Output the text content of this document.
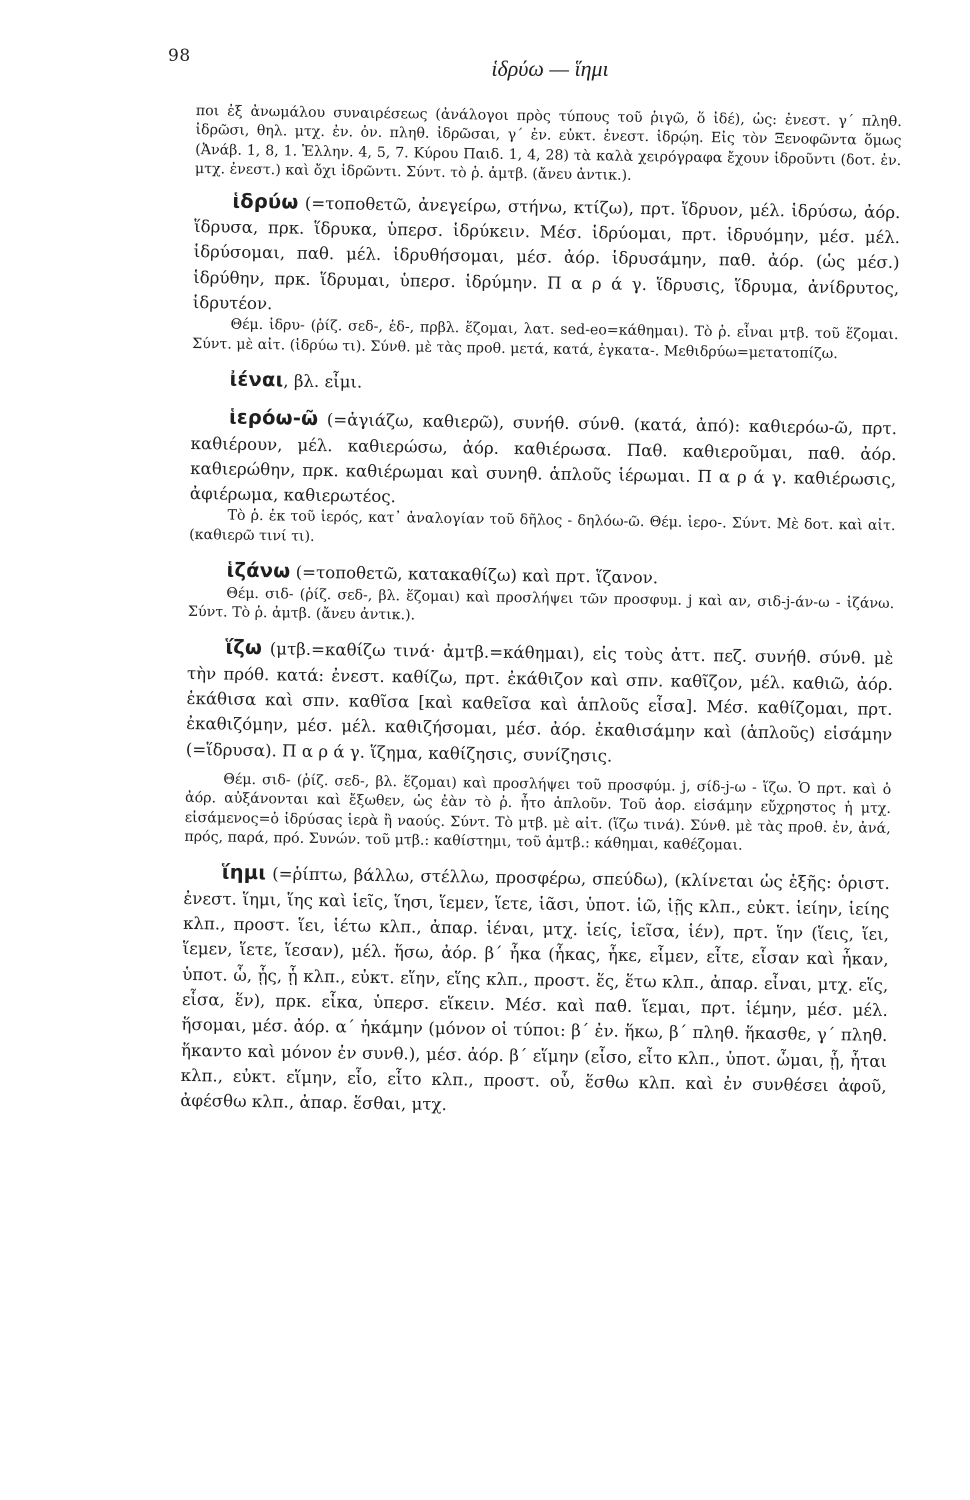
98	ἱδρύω — ἵημι

ποι ἐξ ἀνωμάλου συναιρέσεως (ἀνάλογοι πρὸς τύπους τοῦ ῥιγῶ, ὅ ἰδέ), ὡς: ἐνεστ. γ΄ πληθ. ἱδρῶσι, θηλ. μτχ. ἐν. ὀν. πληθ. ἱδρῶσαι, γ΄ ἐν. εὐκτ. ἐνεστ. ἱδρῴη. Εἰς τὸν Ξενοφῶντα ὅμως (Ἀνάβ. 1, 8, 1. Ἑλλην. 4, 5, 7. Κύρου Παιδ. 1, 4, 28) τὰ καλὰ χειρόγραφα ἔχουν ἱδροῦντι (δοτ. ἐν. μτχ. ἐνεστ.) καὶ ὄχι ἱδρῶντι. Σύντ. τὸ ῥ. ἀμτβ. (ἄνευ ἀντικ.).

ἱδρύω (=τοποθετῶ, ἀνεγείρω, στήνω, κτίζω), πρτ. ἵδρυον, μέλ. ἱδρύσω, ἀόρ. ἵδρυσα, πρκ. ἵδρυκα, ὑπερσ. ἱδρύκειν. Μέσ. ἱδρύομαι, πρτ. ἱδρυόμην, μέσ. μέλ. ἱδρύσομαι, παθ. μέλ. ἱδρυθήσομαι, μέσ. ἀόρ. ἱδρυσάμην, παθ. ἀόρ. (ὡς μέσ.) ἱδρύθην, πρκ. ἵδρυμαι, ὑπερσ. ἱδρύμην. Π α ρ ά γ. ἵδρυσις, ἵδρυμα, ἀνίδρυτος, ἱδρυτέον.

Θέμ. ἱδρυ- (ῥίζ. σεδ-, ἑδ-, πρβλ. ἕζομαι, λατ. sed-eo=κάθημαι). Τὸ ῥ. εἶναι μτβ. τοῦ ἕζομαι. Σύντ. μὲ αἰτ. (ἱδρύω τι). Σύνθ. μὲ τὰς προθ. μετά, κατά, ἐγκατα-. Μεθιδρύω=μετατοπίζω.

ἰέναι, βλ. εἶμι.

ἱερόω-ῶ (=ἁγιάζω, καθιερῶ), συνήθ. σύνθ. (κατά, ἀπό): καθιερόω-ῶ, πρτ. καθιέρουν, μέλ. καθιερώσω, ἀόρ. καθιέρωσα. Παθ. καθιεροῦμαι, παθ. ἀόρ. καθιερώθην, πρκ. καθιέρωμαι καὶ συνηθ. ἁπλοῦς ἱέρωμαι. Π α ρ ά γ. καθιέρωσις, ἀφιέρωμα, καθιερωτέος.

Τὸ ῥ. ἐκ τοῦ ἱερός, κατ᾽ ἀναλογίαν τοῦ δῆλος - δηλόω-ῶ. Θέμ. ἱερο-. Σύντ. Μὲ δοτ. καὶ αἰτ. (καθιερῶ τινί τι).

ἱζάνω (=τοποθετῶ, κατακαθίζω) καὶ πρτ. ἵζανον.

Θέμ. σιδ- (ῥίζ. σεδ-, βλ. ἕζομαι) καὶ προσλήψει τῶν προσφυμ. j καὶ αν, σιδ-j-άν-ω - ἱζάνω. Σύντ. Τὸ ῥ. ἀμτβ. (ἄνευ ἀντικ.).

ἵζω (μτβ.=καθίζω τινά· ἀμτβ.=κάθημαι), εἰς τοὺς ἀττ. πεζ. συνήθ. σύνθ. μὲ τὴν πρόθ. κατά: ἐνεστ. καθίζω, πρτ. ἐκάθιζον καὶ σπν. καθῖζον, μέλ. καθιῶ, ἀόρ. ἐκάθισα καὶ σπν. καθῖσα [καὶ καθεῖσα καὶ ἁπλοῦς εἷσα]. Μέσ. καθίζομαι, πρτ. ἐκαθιζόμην, μέσ. μέλ. καθιζήσομαι, μέσ. ἀόρ. ἐκαθισάμην καὶ (ἁπλοῦς) εἱσάμην (=ἵδρυσα). Π α ρ ά γ. ἵζημα, καθίζησις, συνίζησις.

Θέμ. σιδ- (ῥίζ. σεδ-, βλ. ἕζομαι) καὶ προσλήψει τοῦ προσφύμ. j, σίδ-j-ω - ἵζω. Ὁ πρτ. καὶ ὁ ἀόρ. αὐξάνονται καὶ ἔξωθεν, ὡς ἐὰν τὸ ῥ. ἦτο ἁπλοῦν. Τοῦ ἀορ. εἱσάμην εὔχρηστος ἡ μτχ. εἱσάμενος=ὁ ἱδρύσας ἱερὰ ἢ ναούς. Σύντ. Τὸ μτβ. μὲ αἰτ. (ἵζω τινά). Σύνθ. μὲ τὰς προθ. ἐν, ἀνά, πρός, παρά, πρό. Συνών. τοῦ μτβ.: καθίστημι, τοῦ ἀμτβ.: κάθημαι, καθέζομαι.

ἵημι (=ῥίπτω, βάλλω, στέλλω, προσφέρω, σπεύδω), (κλίνεται ὡς ἑξῆς: ὁριστ. ἐνεστ. ἵημι, ἵης καὶ ἱεῖς, ἵησι, ἵεμεν, ἵετε, ἱᾶσι, ὑποτ. ἱῶ, ἱῇς κλπ., εὐκτ. ἱείην, ἱείης κλπ., προστ. ἵει, ἱέτω κλπ., ἀπαρ. ἱέναι, μτχ. ἱείς, ἱεῖσα, ἱέν), πρτ. ἵην (ἵεις, ἵει, ἵεμεν, ἵετε, ἵεσαν), μέλ. ἥσω, ἀόρ. β΄ ἧκα (ἧκας, ἧκε, εἷμεν, εἷτε, εἷσαν καὶ ἧκαν, ὑποτ. ὧ, ᾗς, ᾗ κλπ., εὐκτ. εἵην, εἵης κλπ., προστ. ἕς, ἕτω κλπ., ἀπαρ. εἶναι, μτχ. εἵς, εἷσα, ἕν), πρκ. εἷκα, ὑπερσ. εἵκειν. Μέσ. καὶ παθ. ἵεμαι, πρτ. ἱέμην, μέσ. μέλ. ἥσομαι, μέσ. ἀόρ. α΄ ἡκάμην (μόνον οἱ τύποι: β΄ ἐν. ἥκω, β΄ πληθ. ἥκασθε, γ΄ πληθ. ἥκαντο καὶ μόνον ἐν συνθ.), μέσ. ἀόρ. β΄ εἵμην (εἷσο, εἷτο κλπ., ὑποτ. ὧμαι, ᾗ, ἧται κλπ., εὐκτ. εἵμην, εἷο, εἷτο κλπ., προστ. οὗ, ἕσθω κλπ. καὶ ἐν συνθέσει ἀφοῦ, ἀφέσθω κλπ., ἀπαρ. ἕσθαι, μτχ.
